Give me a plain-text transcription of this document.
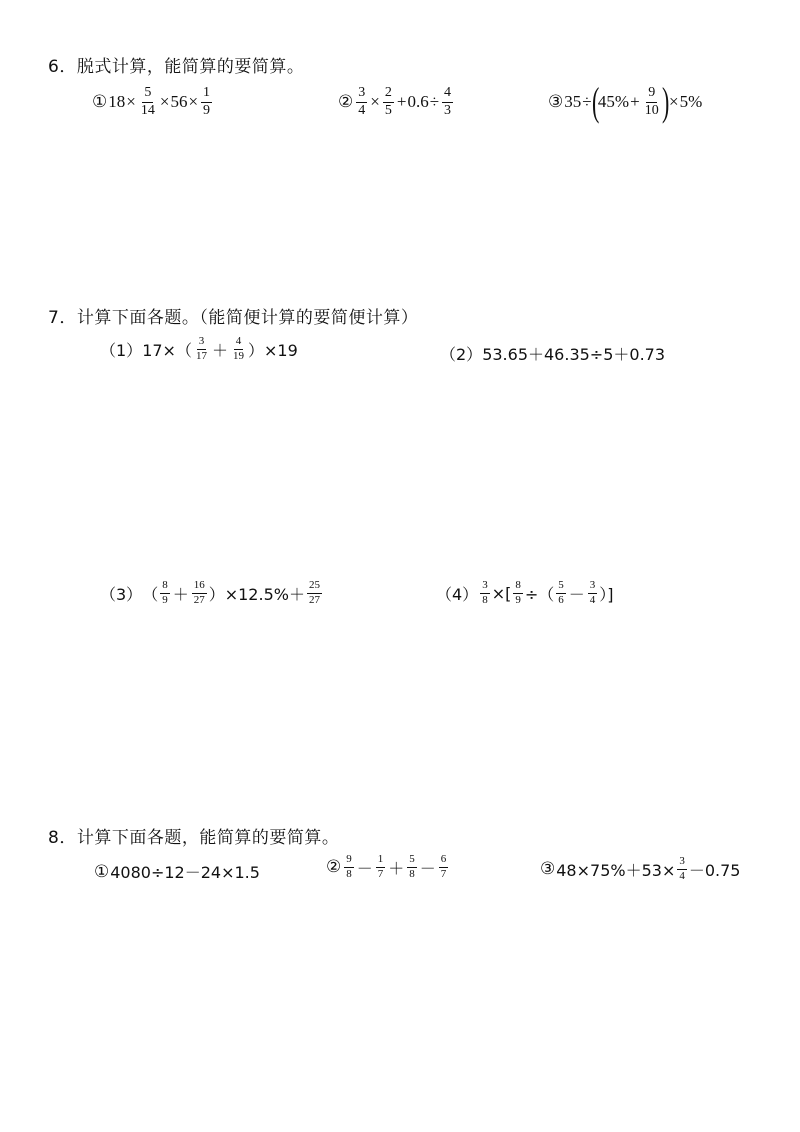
6．脱式计算，能简算的要简算。
① $18 \times \frac{5}{14} \times 56 \times \frac{1}{9}$	② $\frac{3}{4} \times \frac{2}{5} + 0.6 \div \frac{4}{3}$	③ 35 ÷ (
$45\% + \frac{9}{10}$ ) × 5%
7．计算下面各题。（能简便计算的要简便计算）
（1） $17\times( \frac{3}{17} + \frac{4}{19} )\times 19$	（2） 53.65＋46.35÷5＋0.73
（3） （ $\frac{8}{9} + \frac{16}{27} )\times 12.5\%+ \frac{25}{27}$	$(4) \frac{3}{8}$ ×[ $\frac{8}{9}$ ÷（ $\frac{5}{6} - \frac{3}{4}$ ）]
8．计算下面各题，能简算的要简算。
① 4080÷12－24×1.5	② $\frac{9}{8} - \frac{1}{7} + \frac{5}{8} - \frac{6}{7}$	③ $48\times 75\%+53\times \frac{3}{4} -0.75$
